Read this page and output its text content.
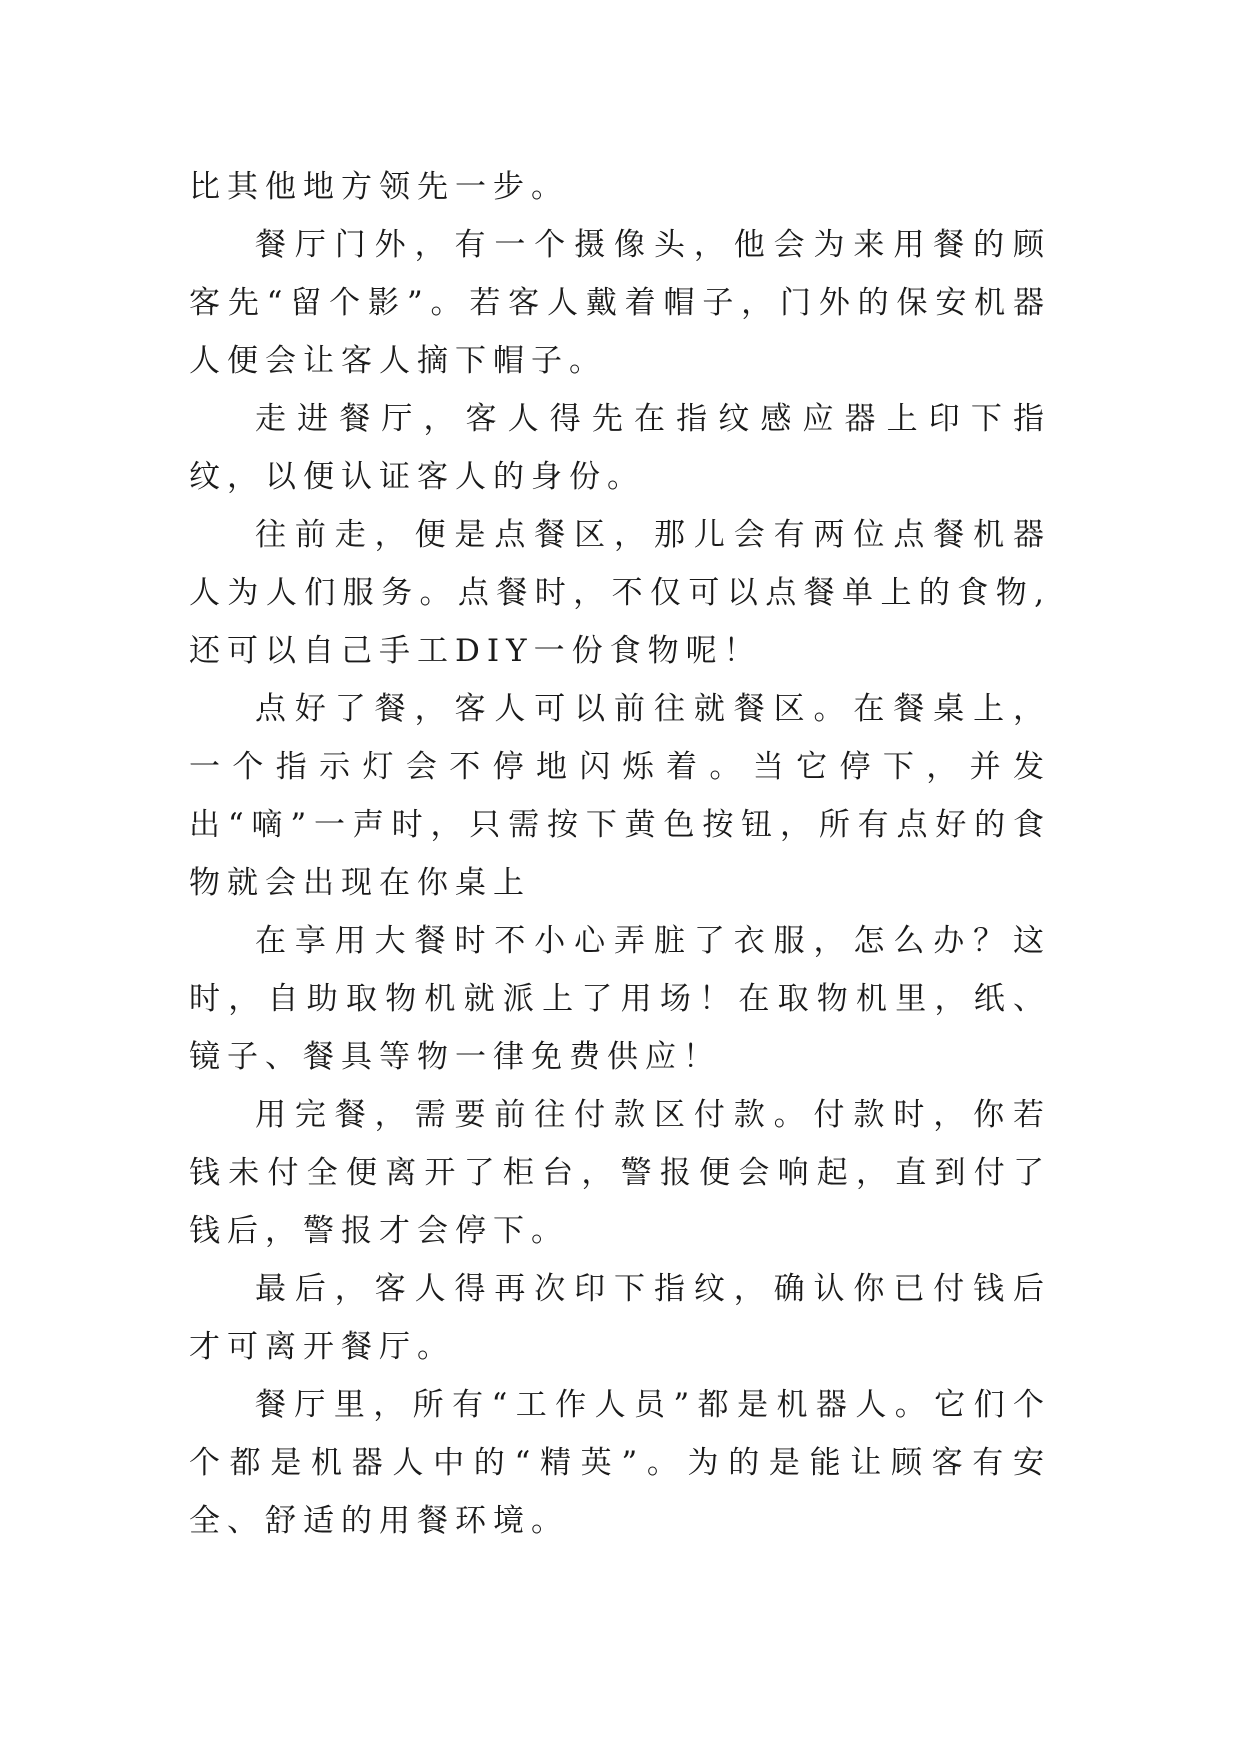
比其他地方领先一步。

餐厅门外，有一个摄像头，他会为来用餐的顾客先“留个影”。若客人戴着帽子，门外的保安机器人便会让客人摘下帽子。

走进餐厅，客人得先在指纹感应器上印下指纹，以便认证客人的身份。

往前走，便是点餐区，那儿会有两位点餐机器人为人们服务。点餐时，不仅可以点餐单上的食物,还可以自己手工DIY一份食物呢！

点好了餐，客人可以前往就餐区。在餐桌上，一个指示灯会不停地闪烁着。当它停下，并发出“嘀”一声时，只需按下黄色按钮，所有点好的食物就会出现在你桌上

在享用大餐时不小心弄脏了衣服，怎么办？这时，自助取物机就派上了用场！在取物机里，纸、镜子、餐具等物一律免费供应！

用完餐，需要前往付款区付款。付款时，你若钱未付全便离开了柜台，警报便会响起，直到付了钱后，警报才会停下。

最后，客人得再次印下指纹，确认你已付钱后才可离开餐厅。

餐厅里，所有“工作人员”都是机器人。它们个个都是机器人中的“精英”。为的是能让顾客有安全、舒适的用餐环境。
